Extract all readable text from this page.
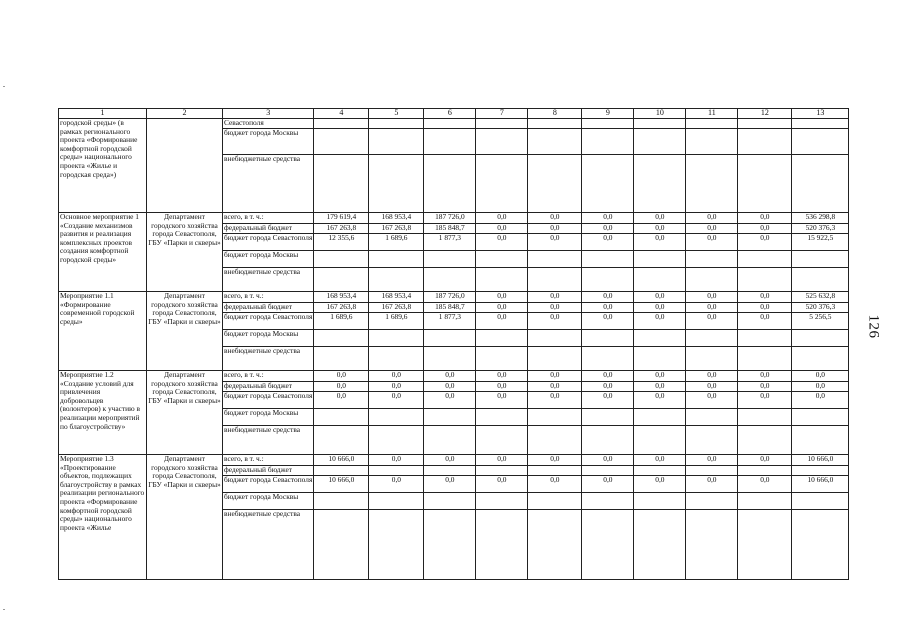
126
1	2	3	4	5	6	7	8	9	10	11	12	13
городской среды» (в рамках регионального проекта «Формирование комфортной городской среды» национального проекта «Жилье и городская среда»)		Севастополя										
		бюджет города Москвы										
		внебюджетные средства										
Основное мероприятие 1 «Создание механизмов развития и реализация комплексных проектов создания комфортной городской среды»	Департамент городского хозяйства города Севастополя, ГБУ «Парки и скверы»	всего, в т. ч.:	179 619,4	168 953,4	187 726,0	0,0	0,0	0,0	0,0	0,0	0,0	536 298,8
		федеральный бюджет	167 263,8	167 263,8	185 848,7	0,0	0,0	0,0	0,0	0,0	0,0	520 376,3
		бюджет города Севастополя	12 355,6	1 689,6	1 877,3	0,0	0,0	0,0	0,0	0,0	0,0	15 922,5
		бюджет города Москвы										
		внебюджетные средства										
Мероприятие 1.1 «Формирование современной городской среды»	Департамент городского хозяйства города Севастополя, ГБУ «Парки и скверы»	всего, в т. ч.:	168 953,4	168 953,4	187 726,0	0,0	0,0	0,0	0,0	0,0	0,0	525 632,8
		федеральный бюджет	167 263,8	167 263,8	185 848,7	0,0	0,0	0,0	0,0	0,0	0,0	520 376,3
		бюджет города Севастополя	1 689,6	1 689,6	1 877,3	0,0	0,0	0,0	0,0	0,0	0,0	5 256,5
		бюджет города Москвы										
		внебюджетные средства										
Мероприятие 1.2 «Создание условий для привлечения добровольцев (волонтеров) к участию в реализации мероприятий по благоустройству»	Департамент городского хозяйства города Севастополя, ГБУ «Парки и скверы»	всего, в т. ч.:	0,0	0,0	0,0	0,0	0,0	0,0	0,0	0,0	0,0	0,0
		федеральный бюджет	0,0	0,0	0,0	0,0	0,0	0,0	0,0	0,0	0,0	0,0
		бюджет города Севастополя	0,0	0,0	0,0	0,0	0,0	0,0	0,0	0,0	0,0	0,0
		бюджет города Москвы										
		внебюджетные средства										
Мероприятие 1.3 «Проектирование объектов, подлежащих благоустройству в рамках реализации регионального проекта «Формирование комфортной городской среды» национального проекта «Жилье	Департамент городского хозяйства города Севастополя, ГБУ «Парки и скверы»	всего, в т. ч.:	10 666,0	0,0	0,0	0,0	0,0	0,0	0,0	0,0	0,0	10 666,0
		федеральный бюджет										
		бюджет города Севастополя	10 666,0	0,0	0,0	0,0	0,0	0,0	0,0	0,0	0,0	10 666,0
		бюджет города Москвы										
		внебюджетные средства										
